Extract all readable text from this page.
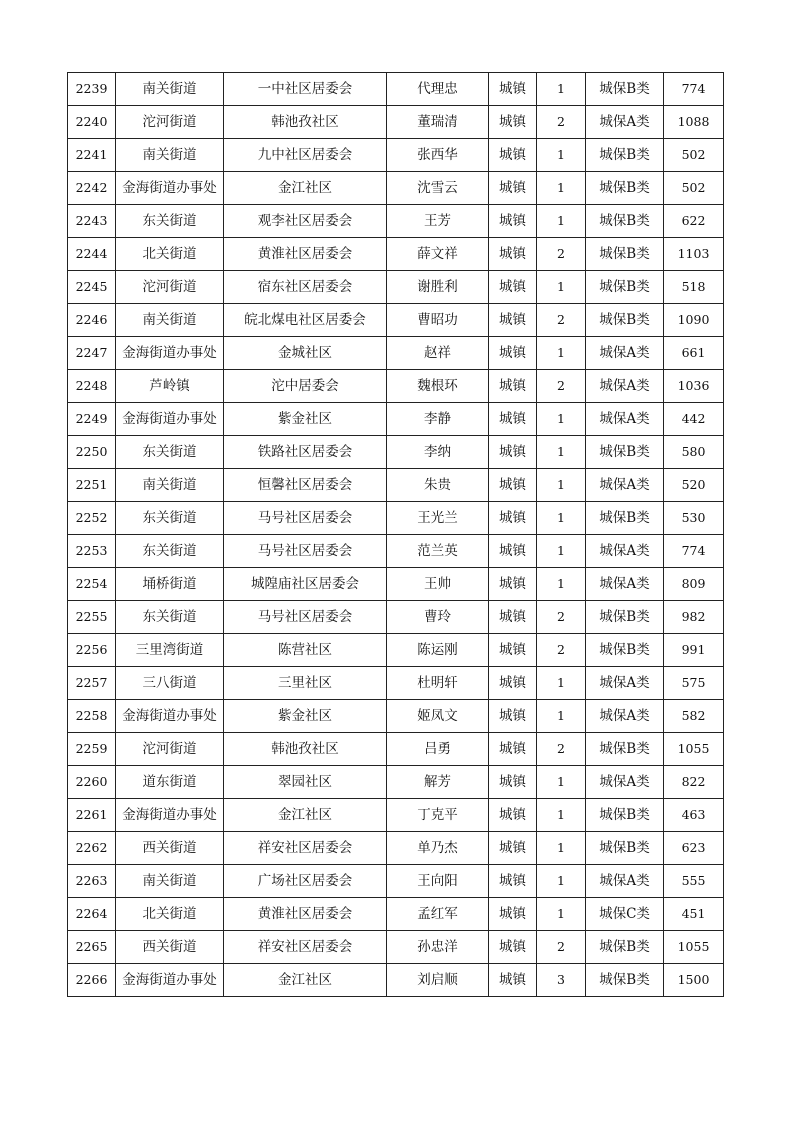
2239	南关街道	一中社区居委会	代理忠	城镇	1	城保B类	774
2240	沱河街道	韩池孜社区	董瑞清	城镇	2	城保A类	1088
2241	南关街道	九中社区居委会	张西华	城镇	1	城保B类	502
2242	金海街道办事处	金江社区	沈雪云	城镇	1	城保B类	502
2243	东关街道	观李社区居委会	王芳	城镇	1	城保B类	622
2244	北关街道	黄淮社区居委会	薛文祥	城镇	2	城保B类	1103
2245	沱河街道	宿东社区居委会	谢胜利	城镇	1	城保B类	518
2246	南关街道	皖北煤电社区居委会	曹昭功	城镇	2	城保B类	1090
2247	金海街道办事处	金城社区	赵祥	城镇	1	城保A类	661
2248	芦岭镇	沱中居委会	魏根环	城镇	2	城保A类	1036
2249	金海街道办事处	紫金社区	李静	城镇	1	城保A类	442
2250	东关街道	铁路社区居委会	李纳	城镇	1	城保B类	580
2251	南关街道	恒馨社区居委会	朱贵	城镇	1	城保A类	520
2252	东关街道	马号社区居委会	王光兰	城镇	1	城保B类	530
2253	东关街道	马号社区居委会	范兰英	城镇	1	城保A类	774
2254	埇桥街道	城隍庙社区居委会	王帅	城镇	1	城保A类	809
2255	东关街道	马号社区居委会	曹玲	城镇	2	城保B类	982
2256	三里湾街道	陈营社区	陈运刚	城镇	2	城保B类	991
2257	三八街道	三里社区	杜明轩	城镇	1	城保A类	575
2258	金海街道办事处	紫金社区	姬凤文	城镇	1	城保A类	582
2259	沱河街道	韩池孜社区	吕勇	城镇	2	城保B类	1055
2260	道东街道	翠园社区	解芳	城镇	1	城保A类	822
2261	金海街道办事处	金江社区	丁克平	城镇	1	城保B类	463
2262	西关街道	祥安社区居委会	单乃杰	城镇	1	城保B类	623
2263	南关街道	广场社区居委会	王向阳	城镇	1	城保A类	555
2264	北关街道	黄淮社区居委会	孟红军	城镇	1	城保C类	451
2265	西关街道	祥安社区居委会	孙忠洋	城镇	2	城保B类	1055
2266	金海街道办事处	金江社区	刘启顺	城镇	3	城保B类	1500
